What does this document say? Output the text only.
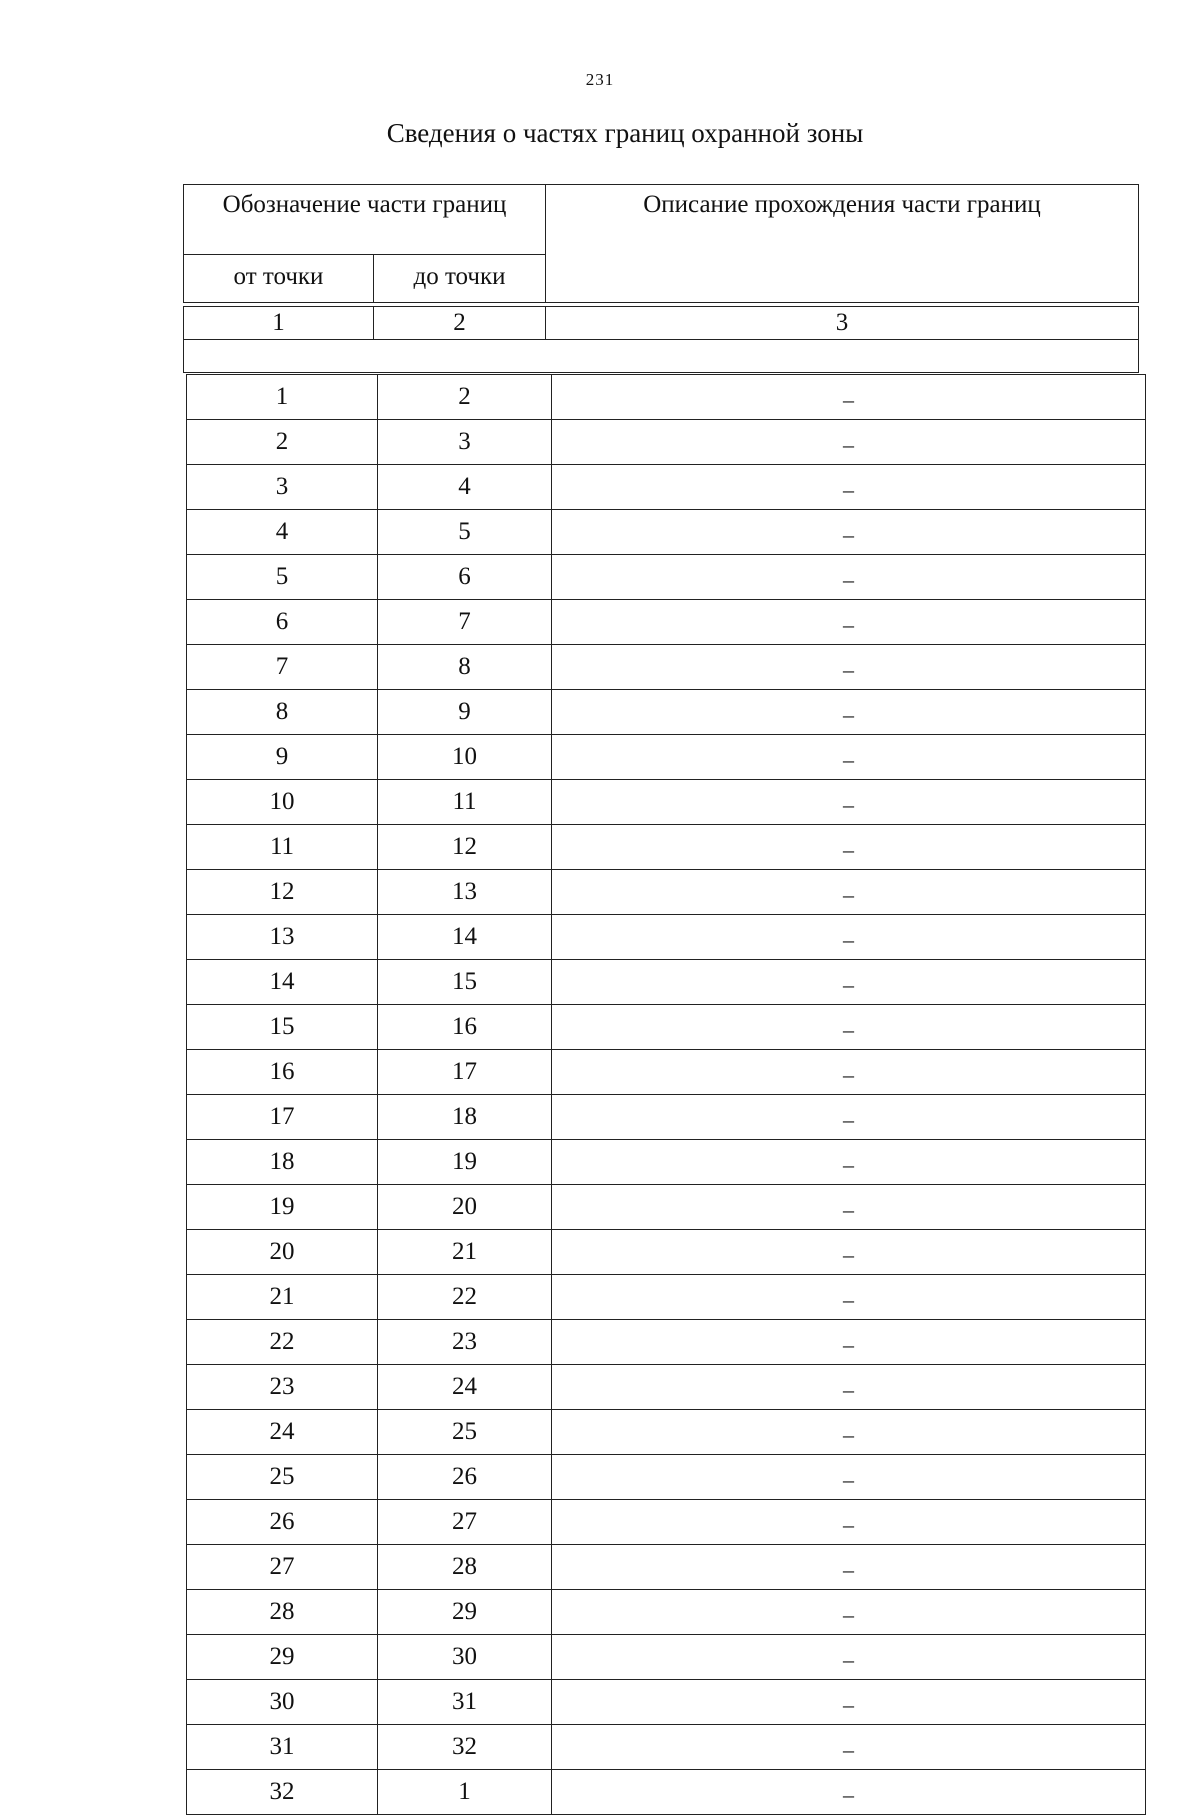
231
Сведения о частях границ охранной зоны
Обозначение части границ		Описание прохождения части границ
от точки	до точки	
1	2	3

1	2	–
2	3	–
3	4	–
4	5	–
5	6	–
6	7	–
7	8	–
8	9	–
9	10	–
10	11	–
11	12	–
12	13	–
13	14	–
14	15	–
15	16	–
16	17	–
17	18	–
18	19	–
19	20	–
20	21	–
21	22	–
22	23	–
23	24	–
24	25	–
25	26	–
26	27	–
27	28	–
28	29	–
29	30	–
30	31	–
31	32	–
32	1	–
